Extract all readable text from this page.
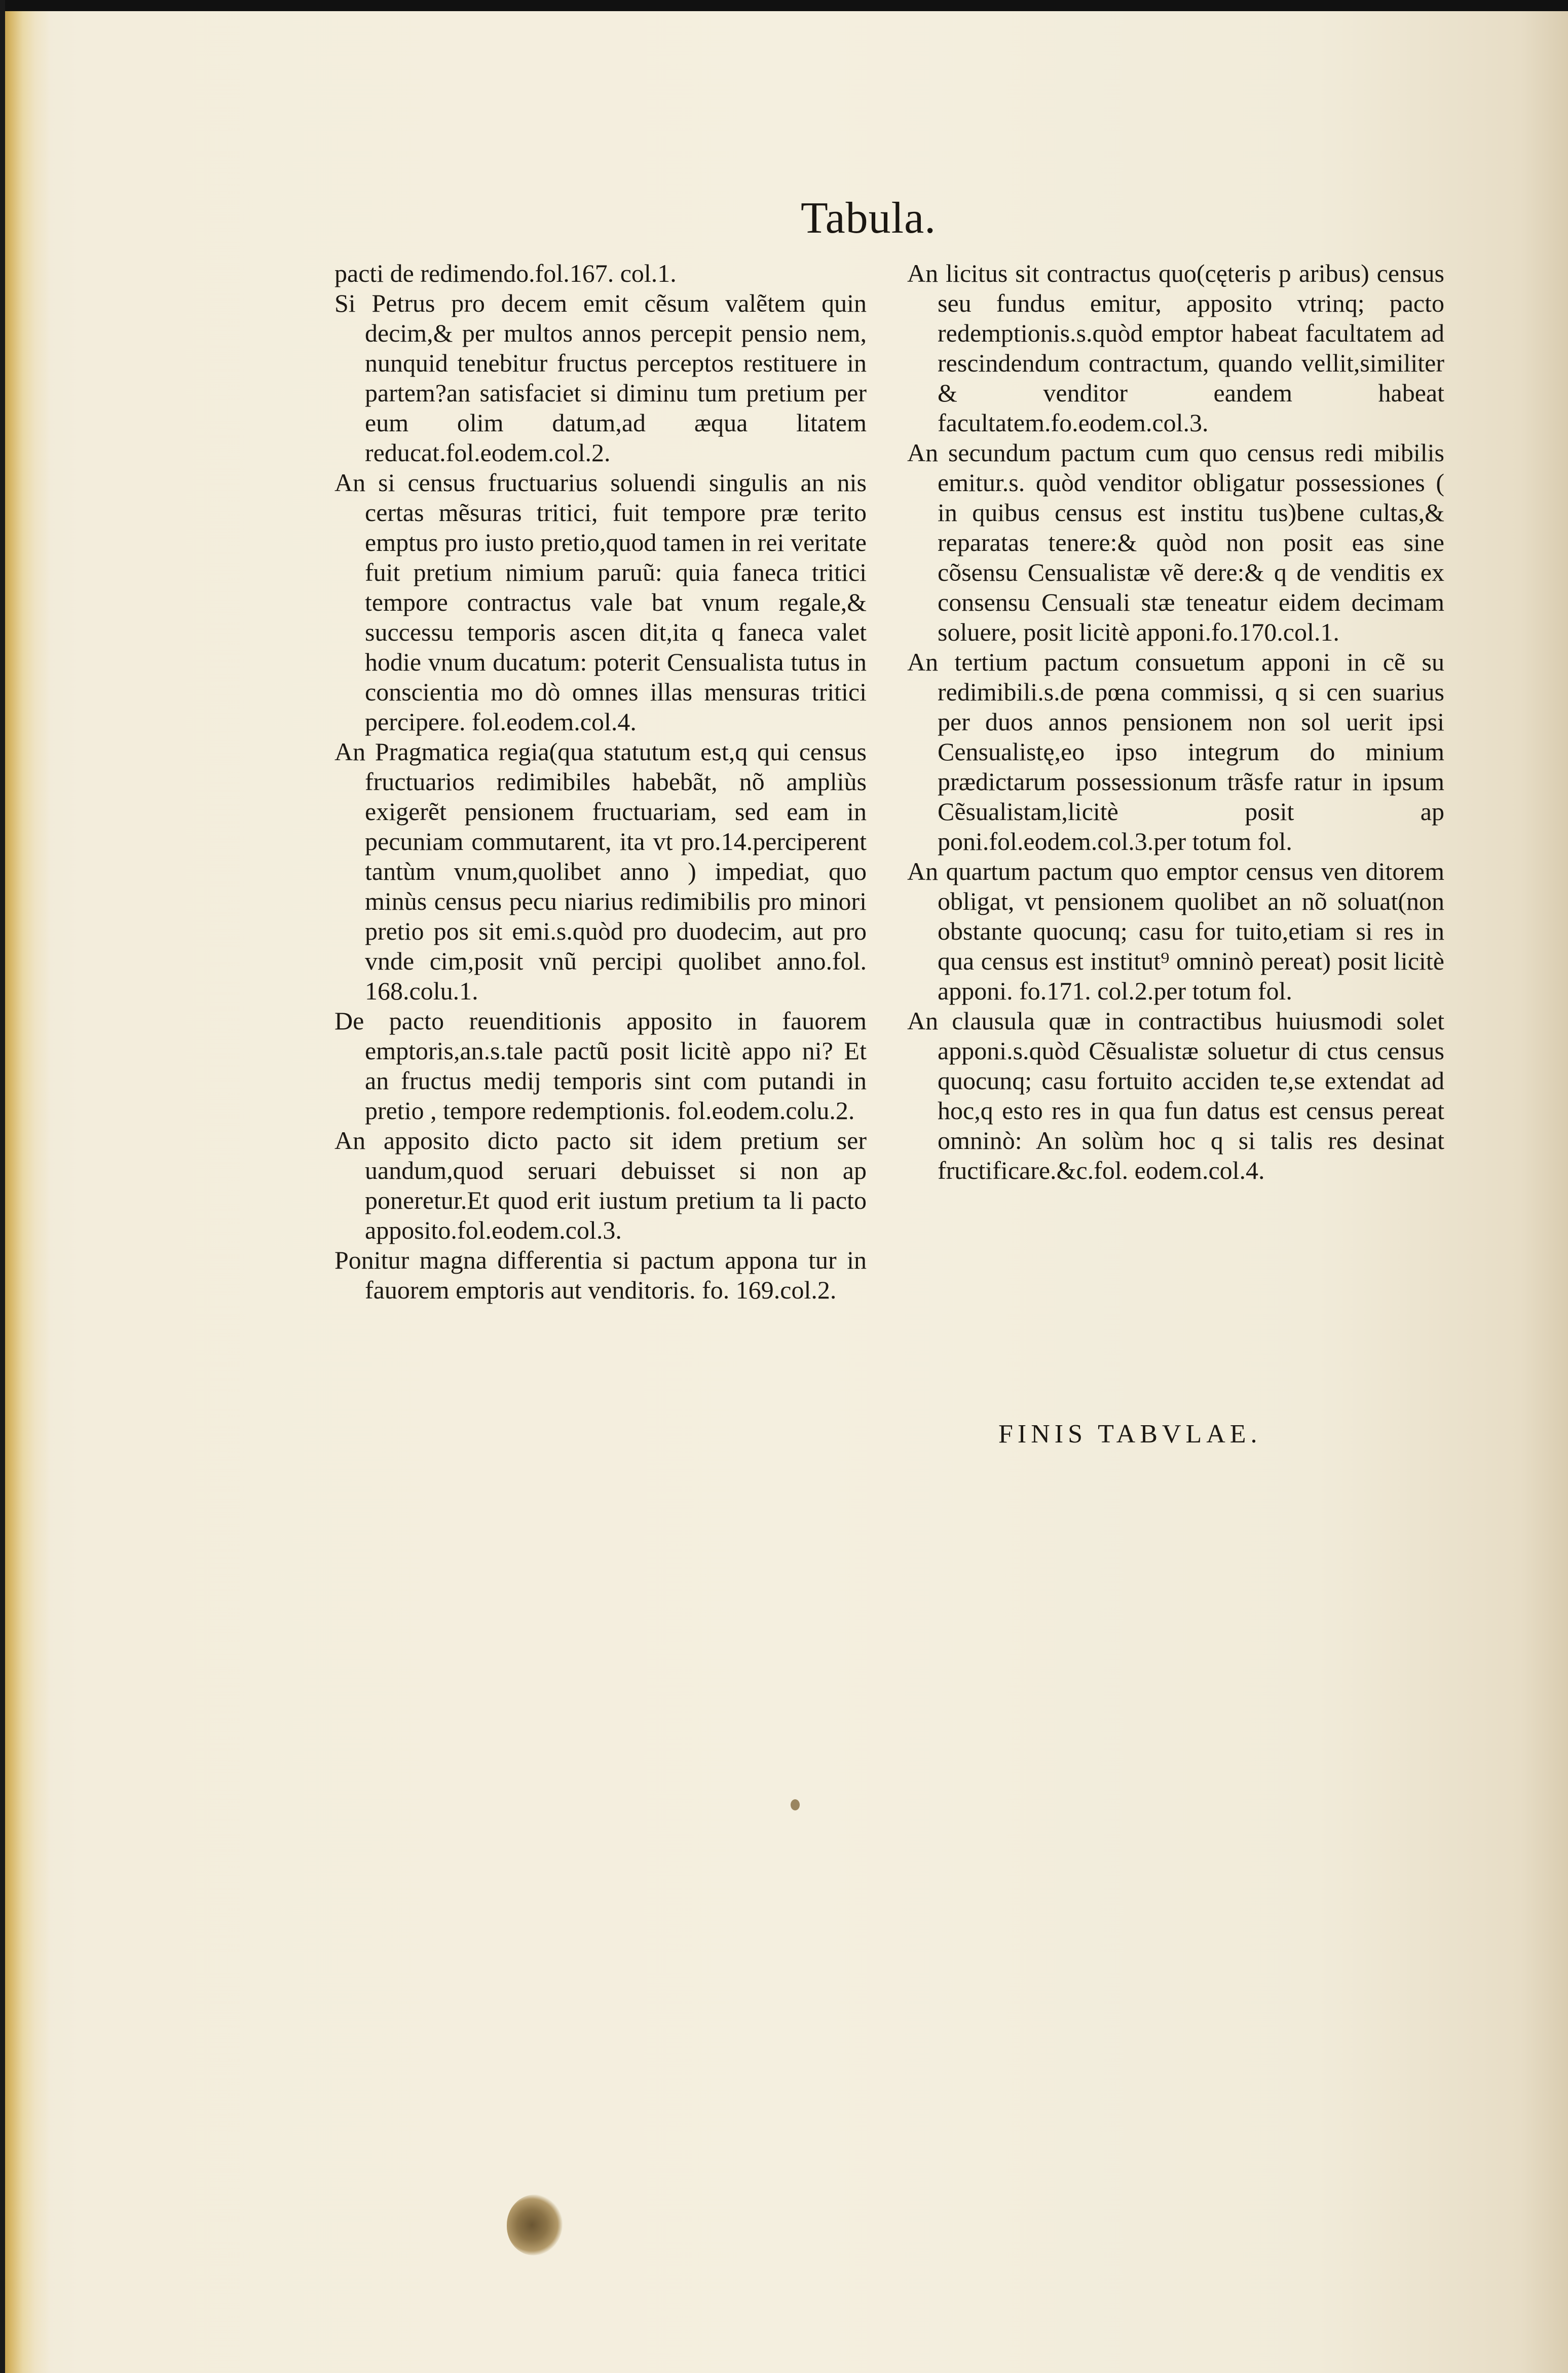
Tabula.

pacti de redimendo.fol.167. col.1.

Si Petrus pro decem emit cẽsum valẽtem quin decim,& per multos annos percepit pensio nem, nunquid tenebitur fructus perceptos restituere in partem?an satisfaciet si diminu tum pretium per eum olim datum,ad æqua litatem reducat.fol.eodem.col.2.

An si census fructuarius soluendi singulis an nis certas mẽsuras tritici, fuit tempore præ terito emptus pro iusto pretio,quod tamen in rei veritate fuit pretium nimium paruũ: quia faneca tritici tempore contractus vale bat vnum regale,& successu temporis ascen dit,ita q faneca valet hodie vnum ducatum: poterit Censualista tutus in conscientia mo dò omnes illas mensuras tritici percipere. fol.eodem.col.4.

An Pragmatica regia(qua statutum est,q qui census fructuarios redimibiles habebãt, nõ ampliùs exigerẽt pensionem fructuariam, sed eam in pecuniam commutarent, ita vt pro.14.perciperent tantùm vnum,quolibet anno ) impediat, quo minùs census pecu niarius redimibilis pro minori pretio pos sit emi.s.quòd pro duodecim, aut pro vnde cim,posit vnũ percipi quolibet anno.fol. 168.colu.1.

De pacto reuenditionis apposito in fauorem emptoris,an.s.tale pactũ posit licitè appo ni? Et an fructus medij temporis sint com putandi in pretio , tempore redemptionis. fol.eodem.colu.2.

An apposito dicto pacto sit idem pretium ser uandum,quod seruari debuisset si non ap poneretur.Et quod erit iustum pretium ta li pacto apposito.fol.eodem.col.3.

Ponitur magna differentia si pactum appona tur in fauorem emptoris aut venditoris. fo. 169.col.2.

An licitus sit contractus quo(cęteris p aribus) census seu fundus emitur, apposito vtrinq; pacto redemptionis.s.quòd emptor habeat facultatem ad rescindendum contractum, quando vellit,similiter & venditor eandem habeat facultatem.fo.eodem.col.3.

An secundum pactum cum quo census redi mibilis emitur.s. quòd venditor obligatur possessiones ( in quibus census est institu tus)bene cultas,& reparatas tenere:& quòd non posit eas sine cõsensu Censualistæ vẽ dere:& q de venditis ex consensu Censuali stæ teneatur eidem decimam soluere, posit licitè apponi.fo.170.col.1.

An tertium pactum consuetum apponi in cẽ su redimibili.s.de pœna commissi, q si cen suarius per duos annos pensionem non sol uerit ipsi Censualistę,eo ipso integrum do minium prædictarum possessionum trãsfe ratur in ipsum Cẽsualistam,licitè posit ap poni.fol.eodem.col.3.per totum fol.

An quartum pactum quo emptor census ven ditorem obligat, vt pensionem quolibet an nõ soluat(non obstante quocunq; casu for tuito,etiam si res in qua census est institut⁹ omninò pereat) posit licitè apponi. fo.171. col.2.per totum fol.

An clausula quæ in contractibus huiusmodi solet apponi.s.quòd Cẽsualistæ soluetur di ctus census quocunq; casu fortuito acciden te,se extendat ad hoc,q esto res in qua fun datus est census pereat omninò: An solùm hoc q si talis res desinat fructificare.&c.fol. eodem.col.4.

FINIS TABVLAE.
